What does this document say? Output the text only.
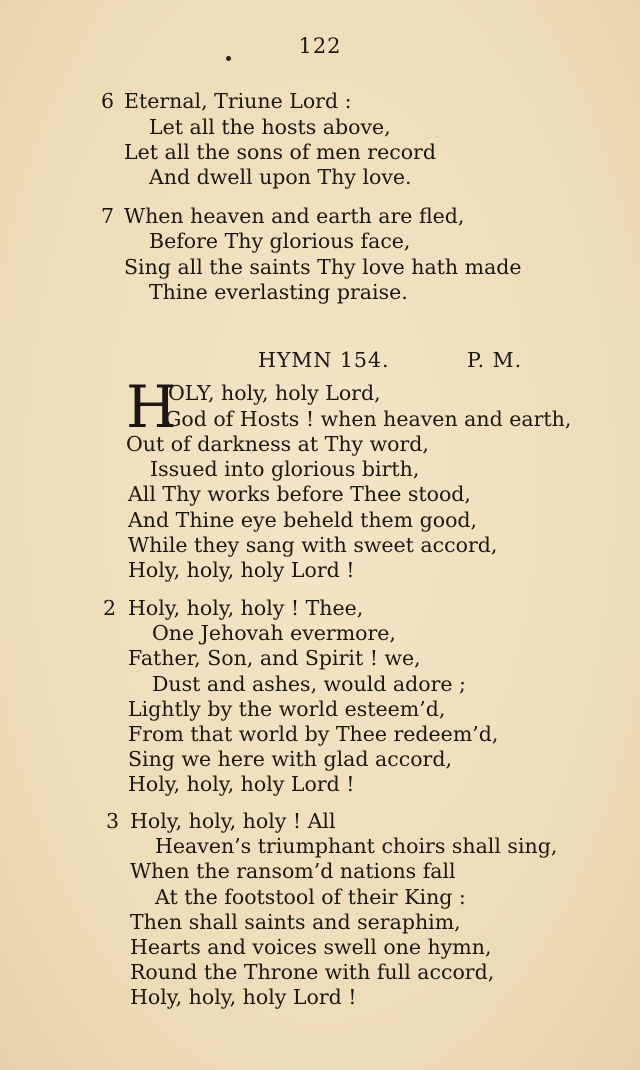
122
6 Eternal, Triune Lord :
Let all the hosts above,
Let all the sons of men record
And dwell upon Thy love.
7 When heaven and earth are fled,
Before Thy glorious face,
Sing all the saints Thy love hath made
Thine everlasting praise.
HYMN 154.	P. M.
H
OLY, holy, holy Lord,
God of Hosts ! when heaven and earth,
Out of darkness at Thy word,
Issued into glorious birth,
All Thy works before Thee stood,
And Thine eye beheld them good,
While they sang with sweet accord,
Holy, holy, holy Lord !
2 Holy, holy, holy ! Thee,
One Jehovah evermore,
Father, Son, and Spirit ! we,
Dust and ashes, would adore ;
Lightly by the world esteem’d,
From that world by Thee redeem’d,
Sing we here with glad accord,
Holy, holy, holy Lord !
3 Holy, holy, holy ! All
Heaven’s triumphant choirs shall sing,
When the ransom’d nations fall
At the footstool of their King :
Then shall saints and seraphim,
Hearts and voices swell one hymn,
Round the Throne with full accord,
Holy, holy, holy Lord !
